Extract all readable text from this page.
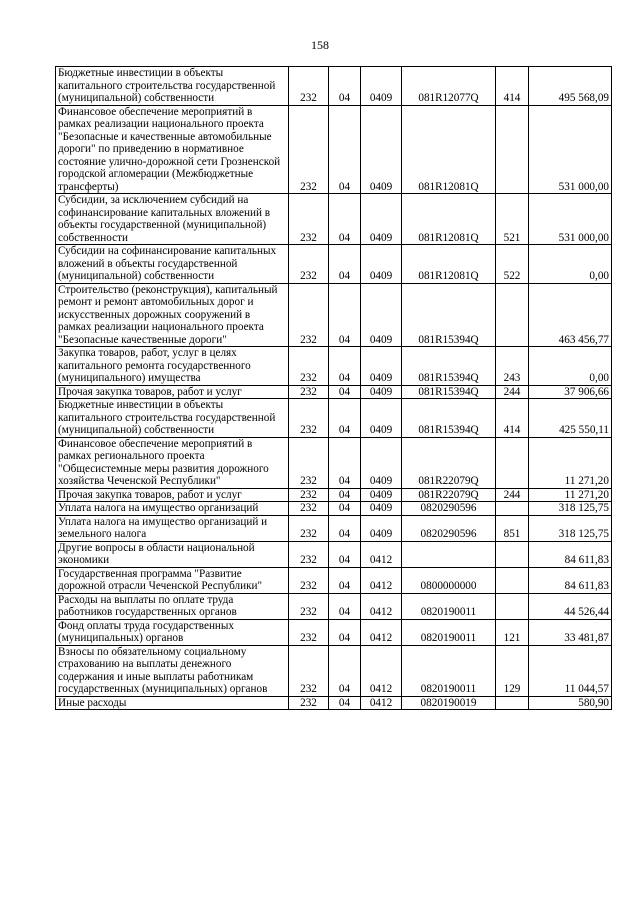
158
Бюджетные инвестиции в объекты капитального строительства государственной (муниципальной) собственности	232	04	0409	081R12077Q	414	495 568,09
Финансовое обеспечение мероприятий в рамках реализации национального проекта "Безопасные и качественные автомобильные дороги" по приведению в нормативное состояние улично-дорожной сети Грозненской городской агломерации (Межбюджетные трансферты)	232	04	0409	081R12081Q		531 000,00
Субсидии, за исключением субсидий на софинансирование капитальных вложений в объекты государственной (муниципальной) собственности	232	04	0409	081R12081Q	521	531 000,00
Субсидии на софинансирование капитальных вложений в объекты государственной (муниципальной) собственности	232	04	0409	081R12081Q	522	0,00
Строительство (реконструкция), капитальный ремонт и ремонт автомобильных дорог и искусственных дорожных сооружений в рамках реализации национального проекта "Безопасные качественные дороги"	232	04	0409	081R15394Q		463 456,77
Закупка товаров, работ, услуг в целях капитального ремонта государственного (муниципального) имущества	232	04	0409	081R15394Q	243	0,00
Прочая закупка товаров, работ и услуг	232	04	0409	081R15394Q	244	37 906,66
Бюджетные инвестиции в объекты капитального строительства государственной (муниципальной) собственности	232	04	0409	081R15394Q	414	425 550,11
Финансовое обеспечение мероприятий в рамках регионального проекта "Общесистемные меры развития дорожного хозяйства Чеченской Республики"	232	04	0409	081R22079Q		11 271,20
Прочая закупка товаров, работ и услуг	232	04	0409	081R22079Q	244	11 271,20
Уплата налога на имущество организаций	232	04	0409	0820290596		318 125,75
Уплата налога на имущество организаций и земельного налога	232	04	0409	0820290596	851	318 125,75
Другие вопросы в области национальной экономики	232	04	0412			84 611,83
Государственная программа "Развитие дорожной отрасли Чеченской Республики"	232	04	0412	0800000000		84 611,83
Расходы на выплаты по оплате труда работников государственных органов	232	04	0412	0820190011		44 526,44
Фонд оплаты труда государственных (муниципальных) органов	232	04	0412	0820190011	121	33 481,87
Взносы по обязательному социальному страхованию на выплаты денежного содержания и иные выплаты работникам государственных (муниципальных) органов	232	04	0412	0820190011	129	11 044,57
Иные расходы	232	04	0412	0820190019		580,90
